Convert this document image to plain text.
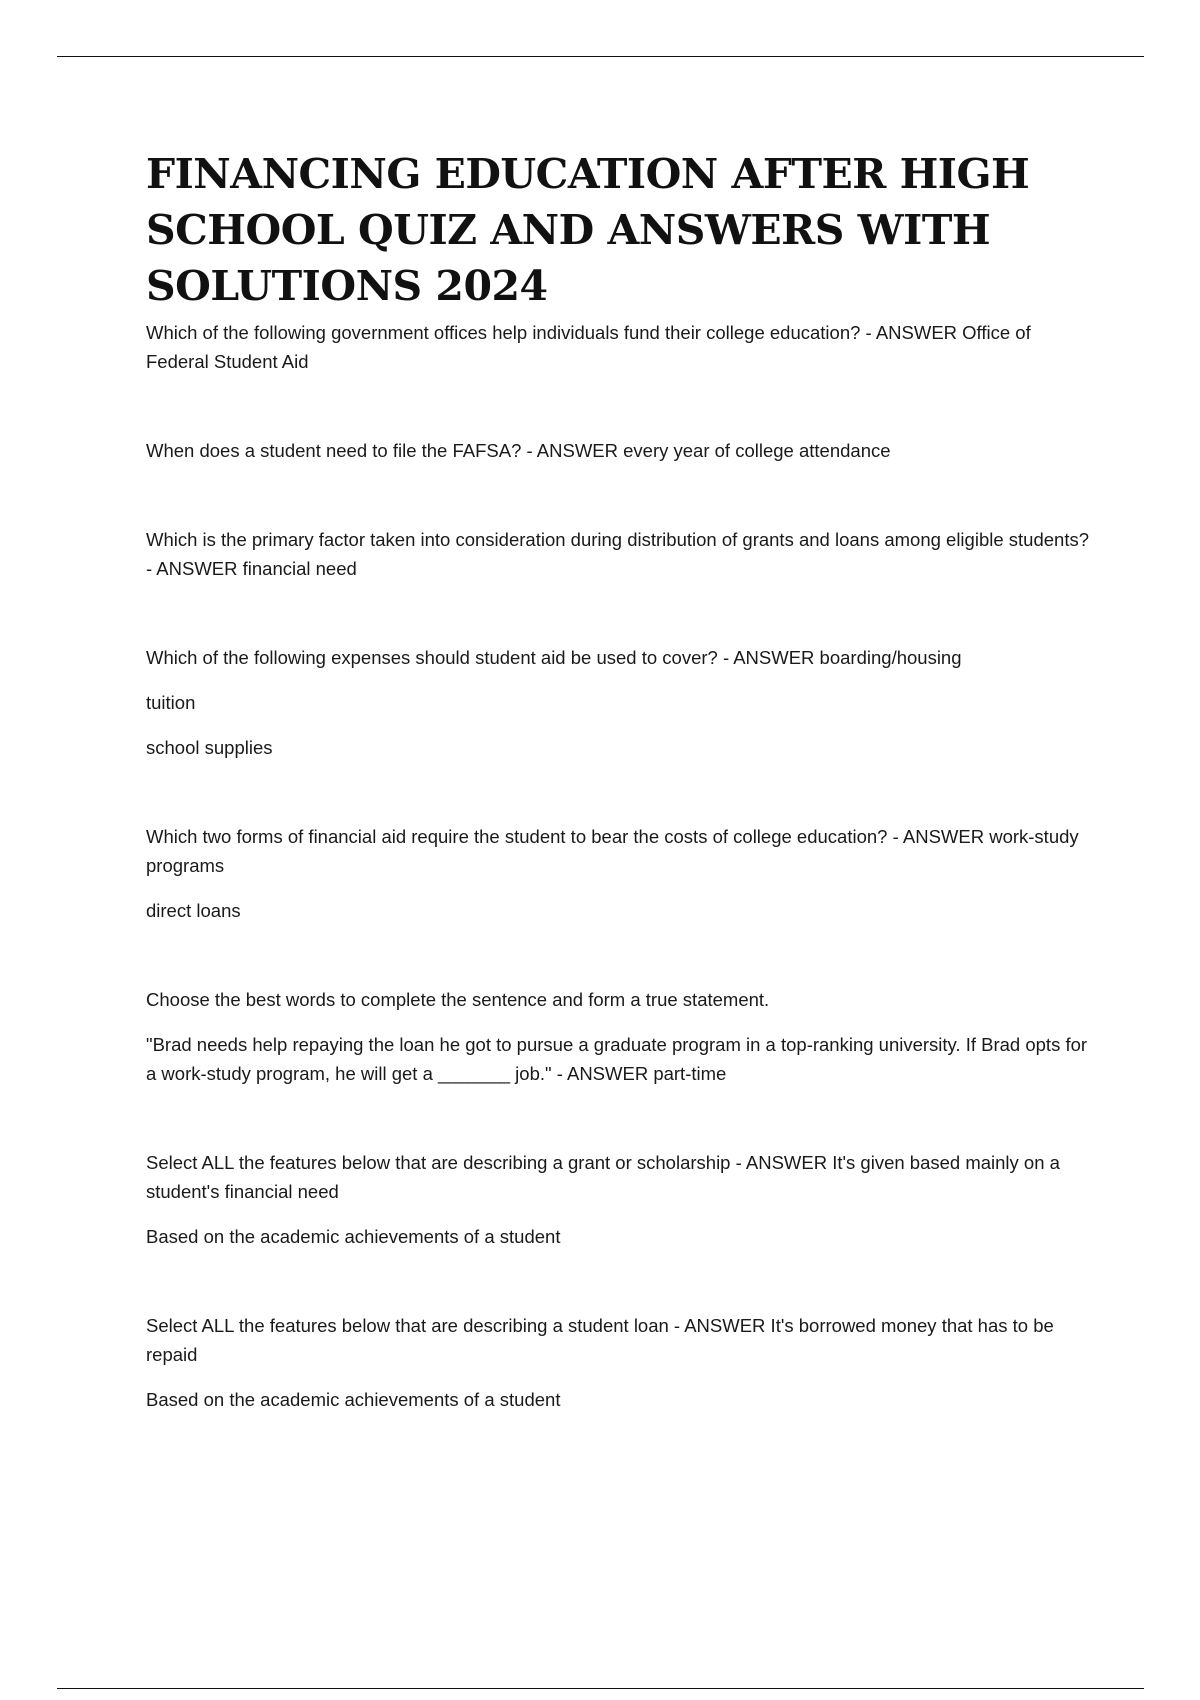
FINANCING EDUCATION AFTER HIGH SCHOOL QUIZ AND ANSWERS WITH SOLUTIONS 2024

Which of the following government offices help individuals fund their college education? - ANSWER Office of Federal Student Aid

When does a student need to file the FAFSA? - ANSWER every year of college attendance

Which is the primary factor taken into consideration during distribution of grants and loans among eligible students? - ANSWER financial need

Which of the following expenses should student aid be used to cover? - ANSWER boarding/housing

tuition

school supplies

Which two forms of financial aid require the student to bear the costs of college education? - ANSWER work-study programs

direct loans

Choose the best words to complete the sentence and form a true statement.

"Brad needs help repaying the loan he got to pursue a graduate program in a top-ranking university. If Brad opts for a work-study program, he will get a _______ job." - ANSWER part-time

Select ALL the features below that are describing a grant or scholarship - ANSWER It's given based mainly on a student's financial need

Based on the academic achievements of a student

Select ALL the features below that are describing a student loan - ANSWER It's borrowed money that has to be repaid

Based on the academic achievements of a student
